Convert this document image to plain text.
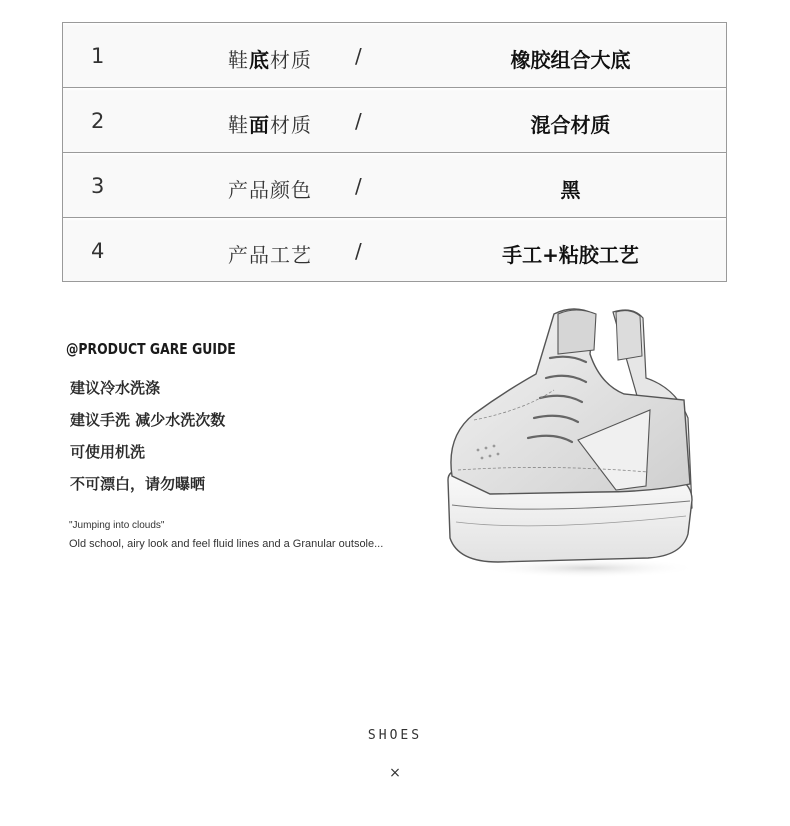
1	鞋底材质 /	橡胶组合大底
2	鞋面材质 /	混合材质
3	产品颜色 /	黑
4	产品工艺 /	手工+粘胶工艺
@PRODUCT GARE GUIDE
建议冷水洗涤
建议手洗 减少水洗次数
可使用机洗
不可漂白，请勿曝晒
"Jumping into clouds"
Old school, airy look and feel fluid lines and a Granular outsole...
SHOES
×
